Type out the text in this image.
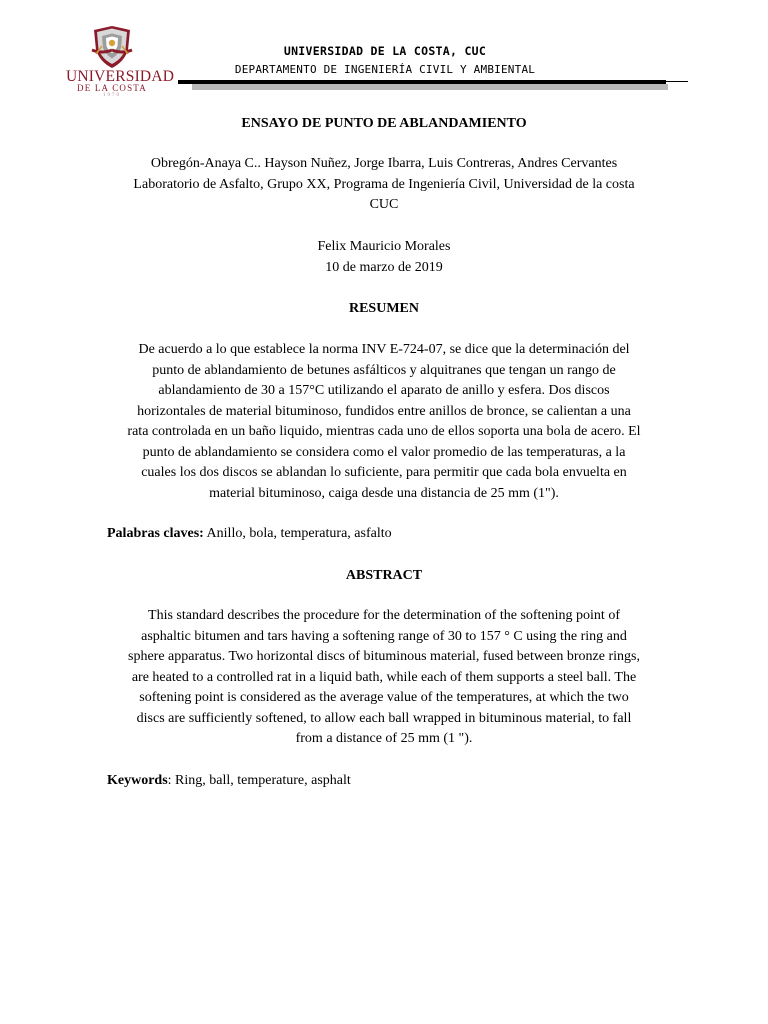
UNIVERSIDAD
DE LA COSTA
1970
UNIVERSIDAD DE LA COSTA, CUC
DEPARTAMENTO DE INGENIERÍA CIVIL Y AMBIENTAL
ENSAYO DE PUNTO DE ABLANDAMIENTO
Obregón-Anaya C.. Hayson Nuñez, Jorge Ibarra, Luis Contreras, Andres Cervantes
Laboratorio de Asfalto, Grupo XX, Programa de Ingeniería Civil, Universidad de la costa
CUC
Felix Mauricio Morales
10 de marzo de 2019
RESUMEN
De acuerdo a lo que establece la norma INV E-724-07, se dice que la determinación del
punto de ablandamiento de betunes asfálticos y alquitranes que tengan un rango de
ablandamiento de 30 a 157°C utilizando el aparato de anillo y esfera. Dos discos
horizontales de material bituminoso, fundidos entre anillos de bronce, se calientan a una
rata controlada en un baño liquido, mientras cada uno de ellos soporta una bola de acero. El
punto de ablandamiento se considera como el valor promedio de las temperaturas, a la
cuales los dos discos se ablandan lo suficiente, para permitir que cada bola envuelta en
material bituminoso, caiga desde una distancia de 25 mm (1").
Palabras claves: Anillo, bola, temperatura, asfalto
ABSTRACT
This standard describes the procedure for the determination of the softening point of
asphaltic bitumen and tars having a softening range of 30 to 157 ° C using the ring and
sphere apparatus. Two horizontal discs of bituminous material, fused between bronze rings,
are heated to a controlled rat in a liquid bath, while each of them supports a steel ball. The
softening point is considered as the average value of the temperatures, at which the two
discs are sufficiently softened, to allow each ball wrapped in bituminous material, to fall
from a distance of 25 mm (1 ").
Keywords: Ring, ball, temperature, asphalt
